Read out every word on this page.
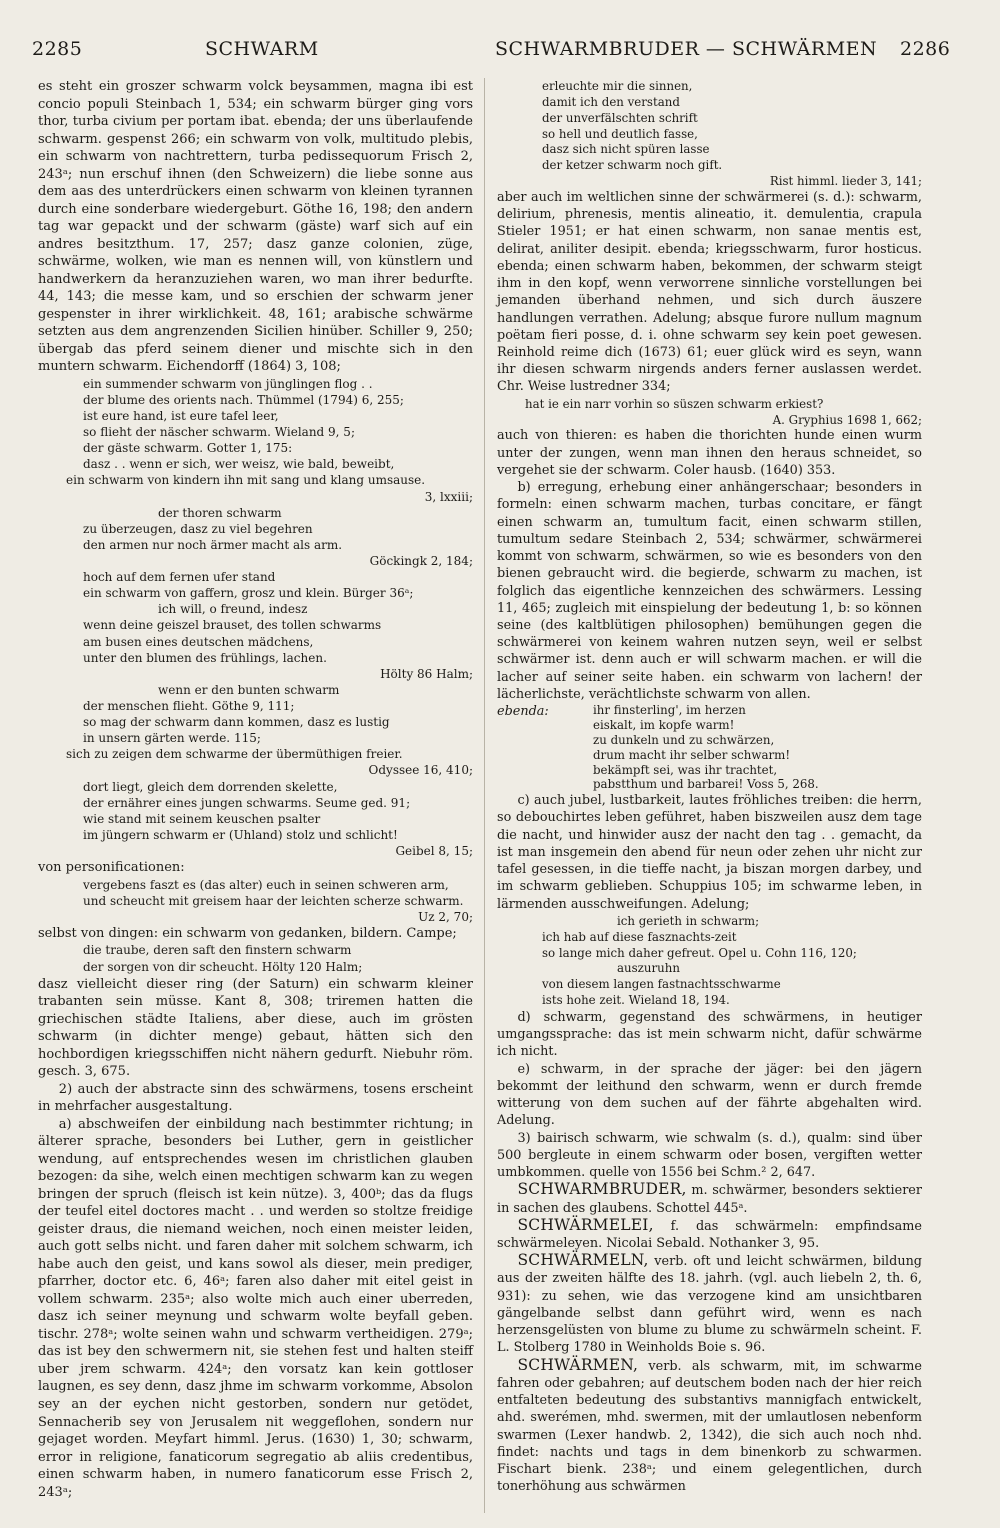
2285	SCHWARM	SCHWARMBRUDER — SCHWÄRMEN 2286

es steht ein groszer schwarm volck beysammen, magna ibi est concio populi Steinbach 1, 534; ein schwarm bürger ging vors thor, turba civium per portam ibat. ebenda; der uns überlaufende schwarm. gespenst 266; ein schwarm von volk, multitudo plebis, ein schwarm von nachtrettern, turba pedissequorum Frisch 2, 243ᵃ; nun erschuf ihnen (den Schweizern) die liebe sonne aus dem aas des unterdrückers einen schwarm von kleinen tyrannen durch eine sonderbare wiedergeburt. Göthe 16, 198; den andern tag war gepackt und der schwarm (gäste) warf sich auf ein andres besitzthum. 17, 257; dasz ganze colonien, züge, schwärme, wolken, wie man es nennen will, von künstlern und handwerkern da heranzuziehen waren, wo man ihrer bedurfte. 44, 143; die messe kam, und so erschien der schwarm jener gespenster in ihrer wirklichkeit. 48, 161; arabische schwärme setzten aus dem angrenzenden Sicilien hinüber. Schiller 9, 250; übergab das pferd seinem diener und mischte sich in den muntern schwarm. Eichendorff (1864) 3, 108;

ein summender schwarm von jünglingen flog . .
der blume des orients nach. Thümmel (1794) 6, 255;
ist eure hand, ist eure tafel leer,
so flieht der näscher schwarm. Wieland 9, 5;
der gäste schwarm. Gotter 1, 175:
dasz . . wenn er sich, wer weisz, wie bald, beweibt,
ein schwarm von kindern ihn mit sang und klang umsause.
3, lxxiii;
der thoren schwarm
zu überzeugen, dasz zu viel begehren
den armen nur noch ärmer macht als arm.
Göckingk 2, 184;
hoch auf dem fernen ufer stand
ein schwarm von gaffern, grosz und klein. Bürger 36ᵃ;
ich will, o freund, indesz
wenn deine geiszel brauset, des tollen schwarms
am busen eines deutschen mädchens,
unter den blumen des frühlings, lachen.
Hölty 86 Halm;
wenn er den bunten schwarm
der menschen flieht. Göthe 9, 111;
so mag der schwarm dann kommen, dasz es lustig
in unsern gärten werde. 115;
sich zu zeigen dem schwarme der übermüthigen freier.
Odyssee 16, 410;
dort liegt, gleich dem dorrenden skelette,
der ernährer eines jungen schwarms. Seume ged. 91;
wie stand mit seinem keuschen psalter
im jüngern schwarm er (Uhland) stolz und schlicht!
Geibel 8, 15;

von personificationen:

vergebens faszt es (das alter) euch in seinen schweren arm,
und scheucht mit greisem haar der leichten scherze schwarm.
Uz 2, 70;

selbst von dingen: ein schwarm von gedanken, bildern. Campe;

die traube, deren saft den finstern schwarm
der sorgen von dir scheucht. Hölty 120 Halm;

dasz vielleicht dieser ring (der Saturn) ein schwarm kleiner trabanten sein müsse. Kant 8, 308; triremen hatten die griechischen städte Italiens, aber diese, auch im grösten schwarm (in dichter menge) gebaut, hätten sich den hochbordigen kriegsschiffen nicht nähern gedurft. Niebuhr röm. gesch. 3, 675.

2) auch der abstracte sinn des schwärmens, tosens erscheint in mehrfacher ausgestaltung.

a) abschweifen der einbildung nach bestimmter richtung; in älterer sprache, besonders bei Luther, gern in geistlicher wendung, auf entsprechendes wesen im christlichen glauben bezogen: da sihe, welch einen mechtigen schwarm kan zu wegen bringen der spruch (fleisch ist kein nütze). 3, 400ᵇ; das da flugs der teufel eitel doctores macht . . und werden so stoltze freidige geister draus, die niemand weichen, noch einen meister leiden, auch gott selbs nicht. und faren daher mit solchem schwarm, ich habe auch den geist, und kans sowol als dieser, mein prediger, pfarrher, doctor etc. 6, 46ᵃ; faren also daher mit eitel geist in vollem schwarm. 235ᵃ; also wolte mich auch einer uberreden, dasz ich seiner meynung und schwarm wolte beyfall geben. tischr. 278ᵃ; wolte seinen wahn und schwarm vertheidigen. 279ᵃ; das ist bey den schwermern nit, sie stehen fest und halten steiff uber jrem schwarm. 424ᵃ; den vorsatz kan kein gottloser laugnen, es sey denn, dasz jhme im schwarm vorkomme, Absolon sey an der eychen nicht gestorben, sondern nur getödet, Sennacherib sey von Jerusalem nit weggeflohen, sondern nur gejaget worden. Meyfart himml. Jerus. (1630) 1, 30; schwarm, error in religione, fanaticorum segregatio ab aliis credentibus, einen schwarm haben, in numero fanaticorum esse Frisch 2, 243ᵃ;

erleuchte mir die sinnen,
damit ich den verstand
der unverfälschten schrift
so hell und deutlich fasse,
dasz sich nicht spüren lasse
der ketzer schwarm noch gift.
Rist himml. lieder 3, 141;

aber auch im weltlichen sinne der schwärmerei (s. d.): schwarm, delirium, phrenesis, mentis alineatio, it. demulentia, crapula Stieler 1951; er hat einen schwarm, non sanae mentis est, delirat, aniliter desipit. ebenda; kriegsschwarm, furor hosticus. ebenda; einen schwarm haben, bekommen, der schwarm steigt ihm in den kopf, wenn verworrene sinnliche vorstellungen bei jemanden überhand nehmen, und sich durch äuszere handlungen verrathen. Adelung; absque furore nullum magnum poëtam fieri posse, d. i. ohne schwarm sey kein poet gewesen. Reinhold reime dich (1673) 61; euer glück wird es seyn, wann ihr diesen schwarm nirgends anders ferner auslassen werdet. Chr. Weise lustredner 334;

hat ie ein narr vorhin so süszen schwarm erkiest?
A. Gryphius 1698 1, 662;

auch von thieren: es haben die thorichten hunde einen wurm unter der zungen, wenn man ihnen den heraus schneidet, so vergehet sie der schwarm. Coler hausb. (1640) 353.

b) erregung, erhebung einer anhängerschaar; besonders in formeln: einen schwarm machen, turbas concitare, er fängt einen schwarm an, tumultum facit, einen schwarm stillen, tumultum sedare Steinbach 2, 534; schwärmer, schwärmerei kommt von schwarm, schwärmen, so wie es besonders von den bienen gebraucht wird. die begierde, schwarm zu machen, ist folglich das eigentliche kennzeichen des schwärmers. Lessing 11, 465; zugleich mit einspielung der bedeutung 1, b: so können seine (des kaltblütigen philosophen) bemühungen gegen die schwärmerei von keinem wahren nutzen seyn, weil er selbst schwärmer ist. denn auch er will schwarm machen. er will die lacher auf seiner seite haben. ein schwarm von lachern! der lächerlichste, verächtlichste schwarm von allen.

ebenda:	ihr finsterling', im herzen
eiskalt, im kopfe warm!
zu dunkeln und zu schwärzen,
drum macht ihr selber schwarm!
bekämpft sei, was ihr trachtet,
pabstthum und barbarei! Voss 5, 268.

c) auch jubel, lustbarkeit, lautes fröhliches treiben: die herrn, so debouchirtes leben geführet, haben biszweilen ausz dem tage die nacht, und hinwider ausz der nacht den tag . . gemacht, da ist man insgemein den abend für neun oder zehen uhr nicht zur tafel gesessen, in die tieffe nacht, ja biszan morgen darbey, und im schwarm geblieben. Schuppius 105; im schwarme leben, in lärmenden ausschweifungen. Adelung;

ich gerieth in schwarm;
ich hab auf diese fasznachts-zeit
so lange mich daher gefreut. Opel u. Cohn 116, 120;
auszuruhn
von diesem langen fastnachtsschwarme
ists hohe zeit. Wieland 18, 194.

d) schwarm, gegenstand des schwärmens, in heutiger umgangssprache: das ist mein schwarm nicht, dafür schwärme ich nicht.

e) schwarm, in der sprache der jäger: bei den jägern bekommt der leithund den schwarm, wenn er durch fremde witterung von dem suchen auf der fährte abgehalten wird. Adelung.

3) bairisch schwarm, wie schwalm (s. d.), qualm: sind über 500 bergleute in einem schwarm oder bosen, vergiften wetter umbkommen. quelle von 1556 bei Schm.² 2, 647.

SCHWARMBRUDER, m. schwärmer, besonders sektierer in sachen des glaubens. Schottel 445ᵃ.

SCHWÄRMELEI, f. das schwärmeln: empfindsame schwärmeleyen. Nicolai Sebald. Nothanker 3, 95.

SCHWÄRMELN, verb. oft und leicht schwärmen, bildung aus der zweiten hälfte des 18. jahrh. (vgl. auch liebeln 2, th. 6, 931): zu sehen, wie das verzogene kind am unsichtbaren gängelbande selbst dann geführt wird, wenn es nach herzensgelüsten von blume zu blume zu schwärmeln scheint. F. L. Stolberg 1780 in Weinholds Boie s. 96.

SCHWÄRMEN, verb. als schwarm, mit, im schwarme fahren oder gebahren; auf deutschem boden nach der hier reich entfalteten bedeutung des substantivs mannigfach entwickelt, ahd. swerémen, mhd. swermen, mit der umlautlosen nebenform swarmen (Lexer handwb. 2, 1342), die sich auch noch nhd. findet: nachts und tags in dem binenkorb zu schwarmen. Fischart bienk. 238ᵃ; und einem gelegentlichen, durch tonerhöhung aus schwärmen
